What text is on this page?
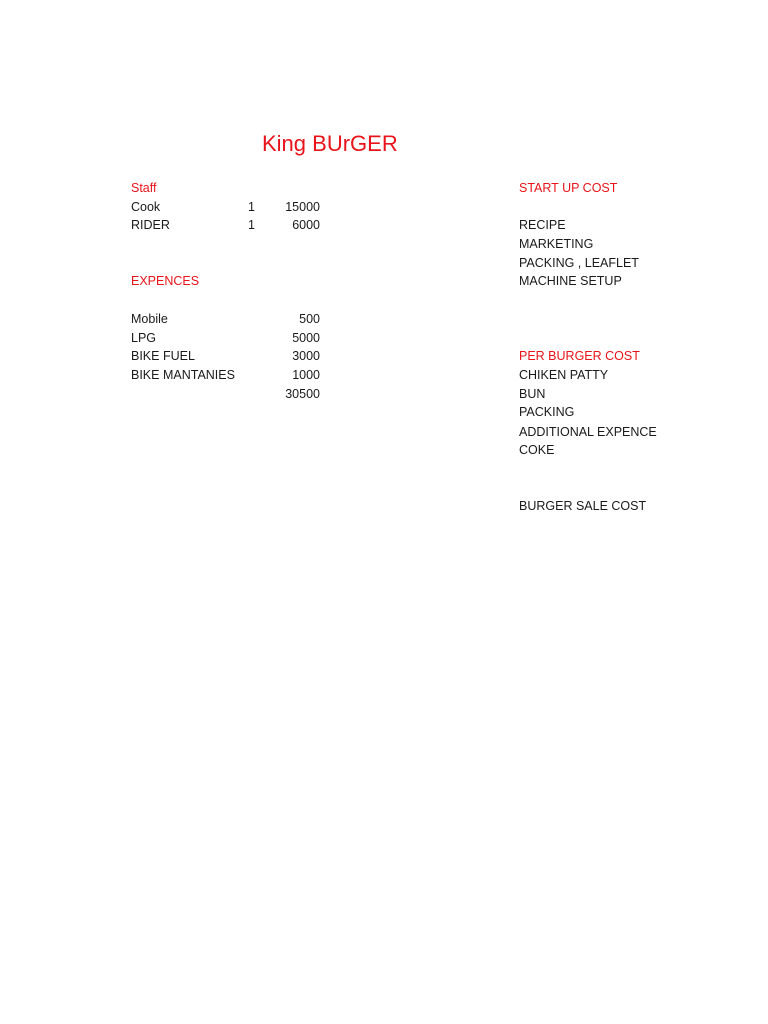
King BUrGER
Staff
Cook	1	15000
RIDER	1	6000
EXPENCES
Mobile	500
LPG	5000
BIKE FUEL	3000
BIKE MANTANIES	1000
30500
START UP COST
RECIPE
MARKETING
PACKING , LEAFLET
MACHINE SETUP
PER BURGER COST
CHIKEN PATTY
BUN
PACKING
ADDITIONAL EXPENCE
COKE
BURGER SALE COST
